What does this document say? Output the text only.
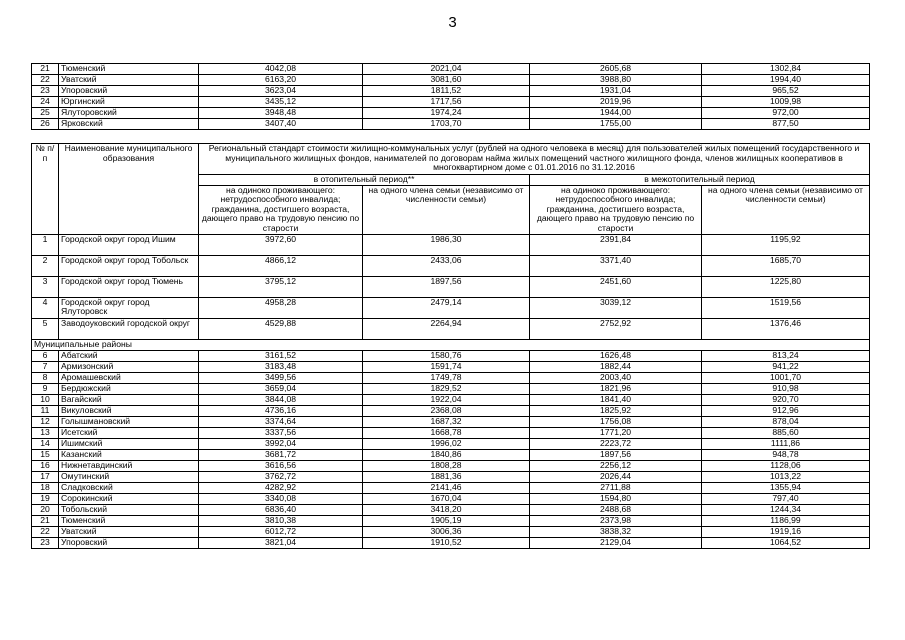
3
21	Тюменский	4042,08	2021,04	2605,68	1302,84
22	Уватский	6163,20	3081,60	3988,80	1994,40
23	Упоровский	3623,04	1811,52	1931,04	965,52
24	Юргинский	3435,12	1717,56	2019,96	1009,98
25	Ялуторовский	3948,48	1974,24	1944,00	972,00
26	Ярковский	3407,40	1703,70	1755,00	877,50
№ п/п	Наименование муниципального образования	Региональный стандарт стоимости жилищно-коммунальных услуг (рублей на одного человека в месяц) для пользователей жилых помещений государственного и муниципального жилищных фондов, нанимателей по договорам найма жилых помещений частного жилищного фонда, членов жилищных кооперативов в многоквартирном доме с 01.01.2016 по 31.12.2016			
		в отопительный период**		в межотопительный период	
		на одиноко проживающего: нетрудоспособного инвалида; гражданина, достигшего возраста, дающего право на трудовую пенсию по старости	на одного члена семьи (независимо от численности семьи)	на одиноко проживающего: нетрудоспособного инвалида; гражданина, достигшего возраста, дающего право на трудовую пенсию по старости	на одного члена семьи (независимо от численности семьи)
1	Городской округ город Ишим	3972,60	1986,30	2391,84	1195,92
2	Городской округ город Тобольск	4866,12	2433,06	3371,40	1685,70
3	Городской округ город Тюмень	3795,12	1897,56	2451,60	1225,80
4	Городской округ город Ялуторовск	4958,28	2479,14	3039,12	1519,56
5	Заводоуковский городской округ	4529,88	2264,94	2752,92	1376,46
Муниципальные районы					
6	Абатский	3161,52	1580,76	1626,48	813,24
7	Армизонский	3183,48	1591,74	1882,44	941,22
8	Аромашевский	3499,56	1749,78	2003,40	1001,70
9	Бердюжский	3659,04	1829,52	1821,96	910,98
10	Вагайский	3844,08	1922,04	1841,40	920,70
11	Викуловский	4736,16	2368,08	1825,92	912,96
12	Голышмановский	3374,64	1687,32	1756,08	878,04
13	Исетский	3337,56	1668,78	1771,20	885,60
14	Ишимский	3992,04	1996,02	2223,72	1111,86
15	Казанский	3681,72	1840,86	1897,56	948,78
16	Нижнетавдинский	3616,56	1808,28	2256,12	1128,06
17	Омутинский	3762,72	1881,36	2026,44	1013,22
18	Сладковский	4282,92	2141,46	2711,88	1355,94
19	Сорокинский	3340,08	1670,04	1594,80	797,40
20	Тобольский	6836,40	3418,20	2488,68	1244,34
21	Тюменский	3810,38	1905,19	2373,98	1186,99
22	Уватский	6012,72	3006,36	3838,32	1919,16
23	Упоровский	3821,04	1910,52	2129,04	1064,52
